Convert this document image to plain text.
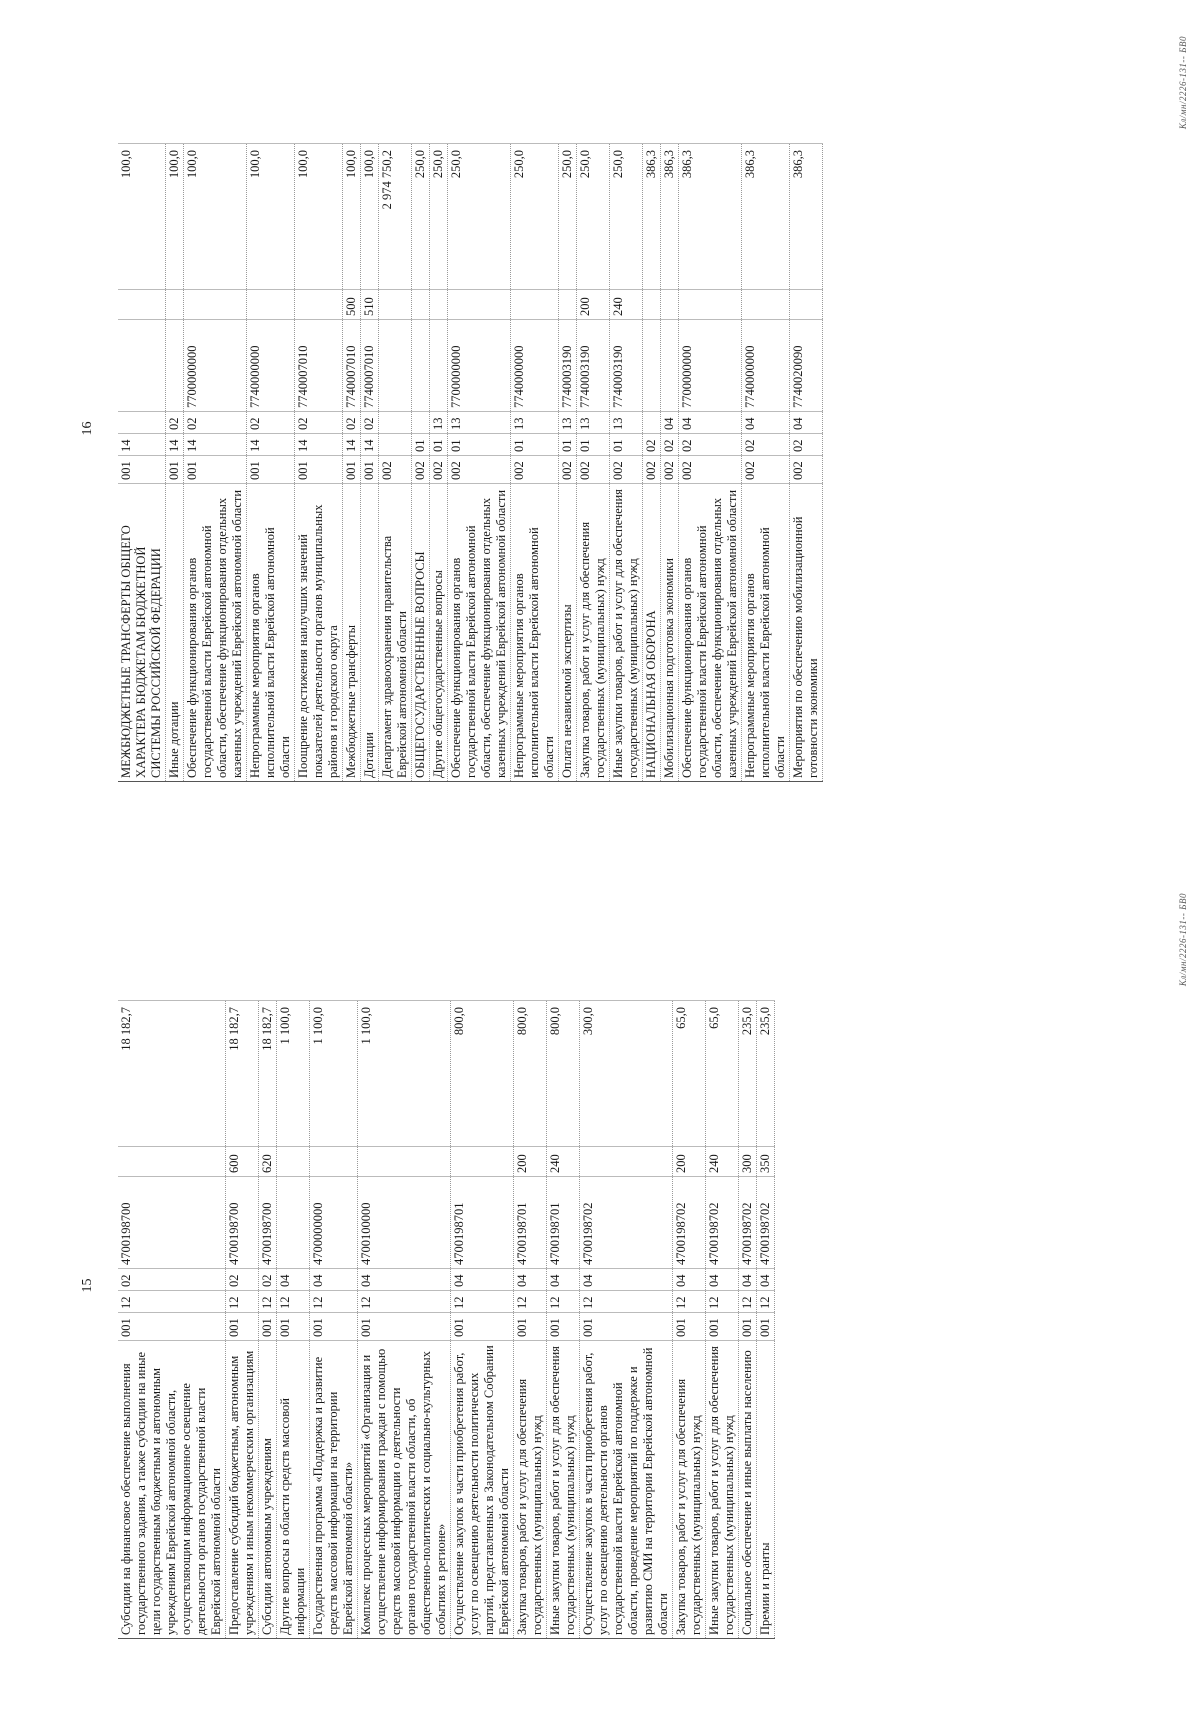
15
Субсидии на финансовое обеспечение выполнения государственного задания, а также субсидии на иные цели государственным бюджетным и автономным учреждениям Еврейской автономной области, осуществляющим информационное освещение деятельности органов государственной власти Еврейской автономной области	001	12	02	4700198700		18 182,7
Предоставление субсидий бюджетным, автономным учреждениям и иным некоммерческим организациям	001	12	02	4700198700	600	18 182,7
Субсидии автономным учреждениям	001	12	02	4700198700	620	18 182,7
Другие вопросы в области средств массовой информации	001	12	04			1 100,0
Государственная программа «Поддержка и развитие средств массовой информации на территории Еврейской автономной области»	001	12	04	4700000000		1 100,0
Комплекс процессных мероприятий «Организация и осуществление информирования граждан с помощью средств массовой информации о деятельности органов государственной власти области, об общественно-политических и социально-культурных событиях в регионе»	001	12	04	4700100000		1 100,0
Осуществление закупок в части приобретения работ, услуг по освещению деятельности политических партий, представленных в Законодательном Собрании Еврейской автономной области	001	12	04	4700198701		800,0
Закупка товаров, работ и услуг для обеспечения государственных (муниципальных) нужд	001	12	04	4700198701	200	800,0
Иные закупки товаров, работ и услуг для обеспечения государственных (муниципальных) нужд	001	12	04	4700198701	240	800,0
Осуществление закупок в части приобретения работ, услуг по освещению деятельности органов государственной власти Еврейской автономной области, проведение мероприятий по поддержке и развитию СМИ на территории Еврейской автономной области	001	12	04	4700198702		300,0
Закупка товаров, работ и услуг для обеспечения государственных (муниципальных) нужд	001	12	04	4700198702	200	65,0
Иные закупки товаров, работ и услуг для обеспечения государственных (муниципальных) нужд	001	12	04	4700198702	240	65,0
Социальное обеспечение и иные выплаты населению	001	12	04	4700198702	300	235,0
Премии и гранты	001	12	04	4700198702	350	235,0
Кл/мн/2226-131-- БВ0
16
МЕЖБЮДЖЕТНЫЕ ТРАНСФЕРТЫ ОБЩЕГО ХАРАКТЕРА БЮДЖЕТАМ БЮДЖЕТНОЙ СИСТЕМЫ РОССИЙСКОЙ ФЕДЕРАЦИИ	001	14				100,0
Иные дотации	001	14	02			100,0
Обеспечение функционирования органов государственной власти Еврейской автономной области, обеспечение функционирования отдельных казенных учреждений Еврейской автономной области	001	14	02	7700000000		100,0
Непрограммные мероприятия органов исполнительной власти Еврейской автономной области	001	14	02	7740000000		100,0
Поощрение достижения наилучших значений показателей деятельности органов муниципальных районов и городского округа	001	14	02	7740007010		100,0
Межбюджетные трансферты	001	14	02	7740007010	500	100,0
Дотации	001	14	02	7740007010	510	100,0
Департамент здравоохранения правительства Еврейской автономной области	002					2 974 750,2
ОБЩЕГОСУДАРСТВЕННЫЕ ВОПРОСЫ	002	01				250,0
Другие общегосударственные вопросы	002	01	13			250,0
Обеспечение функционирования органов государственной власти Еврейской автономной области, обеспечение функционирования отдельных казенных учреждений Еврейской автономной области	002	01	13	7700000000		250,0
Непрограммные мероприятия органов исполнительной власти Еврейской автономной области	002	01	13	7740000000		250,0
Оплата независимой экспертизы	002	01	13	7740003190		250,0
Закупка товаров, работ и услуг для обеспечения государственных (муниципальных) нужд	002	01	13	7740003190	200	250,0
Иные закупки товаров, работ и услуг для обеспечения государственных (муниципальных) нужд	002	01	13	7740003190	240	250,0
НАЦИОНАЛЬНАЯ ОБОРОНА	002	02				386,3
Мобилизационная подготовка экономики	002	02	04			386,3
Обеспечение функционирования органов государственной власти Еврейской автономной области, обеспечение функционирования отдельных казенных учреждений Еврейской автономной области	002	02	04	7700000000		386,3
Непрограммные мероприятия органов исполнительной власти Еврейской автономной области	002	02	04	7740000000		386,3
Мероприятия по обеспечению мобилизационной готовности экономики	002	02	04	7740020090		386,3
Кл/мн/2226-131-- БВ0
